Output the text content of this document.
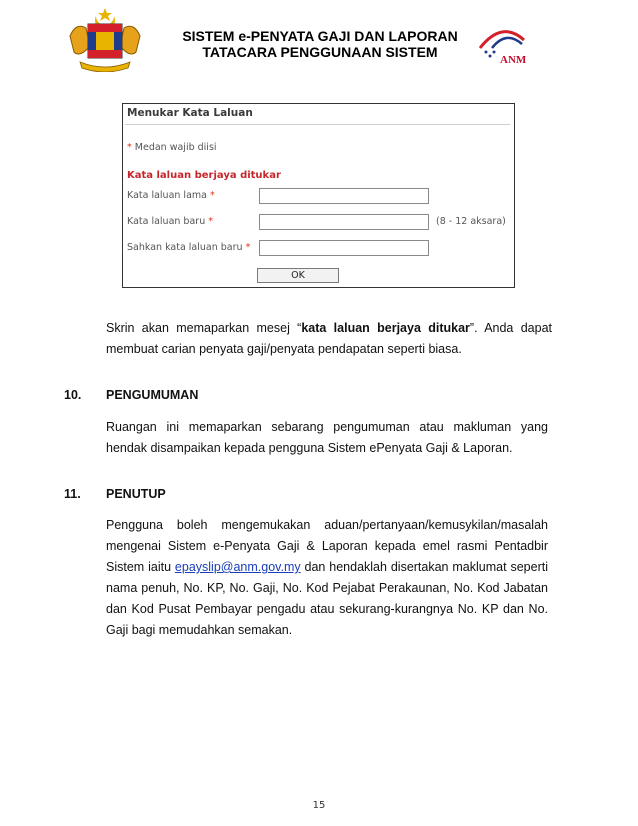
SISTEM e-PENYATA GAJI DAN LAPORAN
TATACARA PENGGUNAAN SISTEM	ANM
Menukar Kata Laluan
* Medan wajib diisi
Kata laluan berjaya ditukar
Kata laluan lama *
Kata laluan baru *	(8 - 12 aksara)
Sahkan kata laluan baru *
OK
Skrin akan memaparkan mesej “kata laluan berjaya ditukar”. Anda dapat membuat carian penyata gaji/penyata pendapatan seperti biasa.
10. PENGUMUMAN
Ruangan ini memaparkan sebarang pengumuman atau makluman yang hendak disampaikan kepada pengguna Sistem ePenyata Gaji & Laporan.
11. PENUTUP
Pengguna boleh mengemukakan aduan/pertanyaan/kemusykilan/masalah mengenai Sistem e-Penyata Gaji & Laporan kepada emel rasmi Pentadbir Sistem iaitu epayslip@anm.gov.my dan hendaklah disertakan maklumat seperti nama penuh, No. KP, No. Gaji, No. Kod Pejabat Perakaunan, No. Kod Jabatan dan Kod Pusat Pembayar pengadu atau sekurang-kurangnya No. KP dan No. Gaji bagi memudahkan semakan.
15
